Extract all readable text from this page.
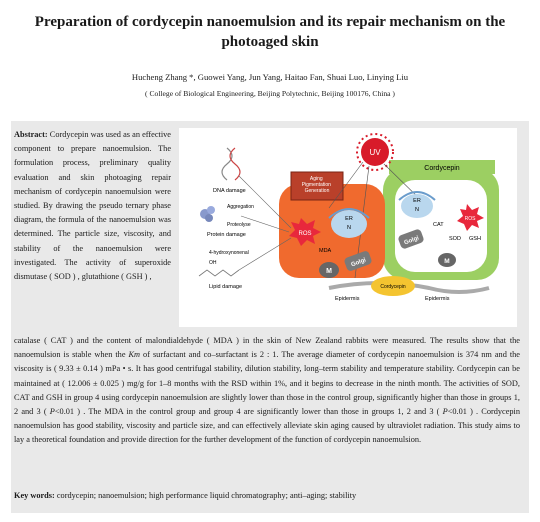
Preparation of cordycepin nanoemulsion and its repair mechanism on the
photoaged skin
Hucheng Zhang *, Guowei Yang, Jun Yang, Haitao Fan, Shuai Luo, Linying Liu
( College of Biological Engineering, Beijing Polytechnic, Beijing 100176, China )
Abstract: Cordycepin was used as an effective component to prepare nanoemulsion. The formulation process, preliminary quality evaluation and skin photoaging repair mechanism of cordycepin nanoemulsion were studied. By drawing the pseudo ternary phase diagram, the formula of the nanoemulsion was determined. The particle size, viscosity, and stability of the nanoemulsion were investigated. The activity of superoxide dismutase ( SOD ) , glutathione ( GSH ) ,
Cordycepin
Aging Pigmentation Generation
UV
DNA damage
Aggregation
Proteolyse
Protein damage
4-hydroxynonenal
OH
Lipid damage
ROS
ER
N
MDA
M
Golgi
ER
N
ROS
CAT
SOD GSH
Golgi
M
Cordycepin
Epidermis	Epidermis
catalase ( CAT ) and the content of malondialdehyde ( MDA ) in the skin of New Zealand rabbits were measured. The results show that the nanoemulsion is stable when the Km of surfactant and co–surfactant is 2 : 1. The average diameter of cordycepin nanoemulsion is 374 nm and the viscosity is ( 9.33 ± 0.14 ) mPa • s. It has good centrifugal stability, dilution stability, long–term stability and temperature stability. Cordycepin can be maintained at ( 12.006 ± 0.025 ) mg/g for 1–8 months with the RSD within 1%, and it begins to decrease in the ninth month. The activities of SOD, CAT and GSH in group 4 using cordycepin nanoemulsion are slightly lower than those in the control group, significantly higher than those in groups 1, 2 and 3 ( P<0.01 ) . The MDA in the control group and group 4 are significantly lower than those in groups 1, 2 and 3 ( P<0.01 ) . Cordycepin nanoemulsion has good stability, viscosity and particle size, and can effectively alleviate skin aging caused by ultraviolet radiation. This study aims to lay a theoretical foundation and provide direction for the further development of the function of cordycepin nanoemulsion.
Key words: cordycepin; nanoemulsion; high performance liquid chromatography; anti–aging; stability
